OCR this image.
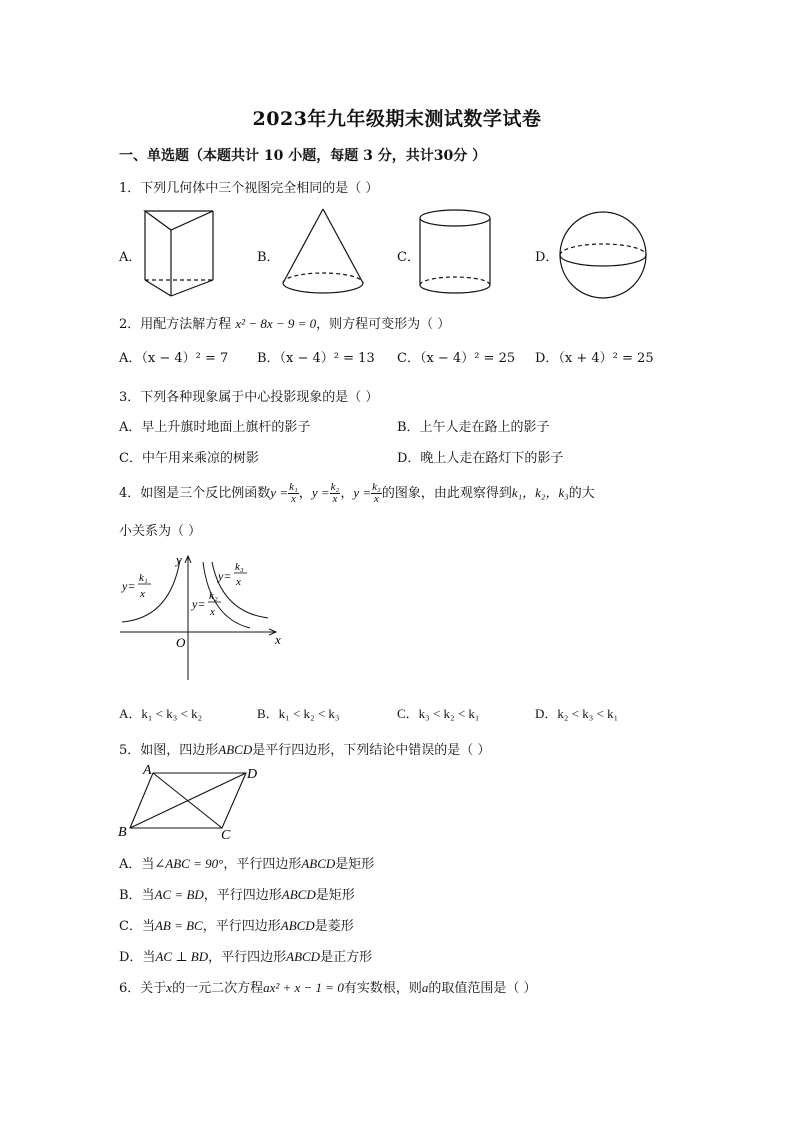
2023年九年级期末测试数学试卷
一、单选题（本题共计 10 小题，每题 3 分，共计30分 ）
1．下列几何体中三个视图完全相同的是（ ）
A．	B．	C．	D．
2．用配方法解方程 x² − 8x − 9 = 0，则方程可变形为（ ）
A．（x − 4）² = 7 B．（x − 4）² = 13 C．（x − 4）² = 25 D．（x + 4）² = 25
3．下列各种现象属于中心投影现象的是（ ）
A．早上升旗时地面上旗杆的影子	B．上午人走在路上的影子
C．中午用来乘凉的树影	D．晚上人走在路灯下的影子
4．如图是三个反比例函数$y = \frac{\text{k₁}}{x}$ ，$y = \frac{\text{k₂}}{x}$ ，$y = \frac{\text{k₃}}{x}$ 的图象，由此观察得到k₁，k₂，k₃的大
小关系为（ ）
y
x
O
y=
k₁
x
y=
k₃
x
y=
k₂
x
A．k₁ < k₃ < k₂	B．k₁ < k₂ < k₃	C．k₃ < k₂ < k₁	D．k₂ < k₃ < k₁
5．如图，四边形ABCD是平行四边形，下列结论中错误的是（ ）
A	D
B	C
A．当∠ABC = 90°，平行四边形ABCD是矩形
B．当AC = BD，平行四边形ABCD是矩形
C．当AB = BC，平行四边形ABCD是菱形
D．当AC ⊥ BD，平行四边形ABCD是正方形
6．关于x的一元二次方程ax² + x − 1 = 0有实数根，则a的取值范围是（ ）
